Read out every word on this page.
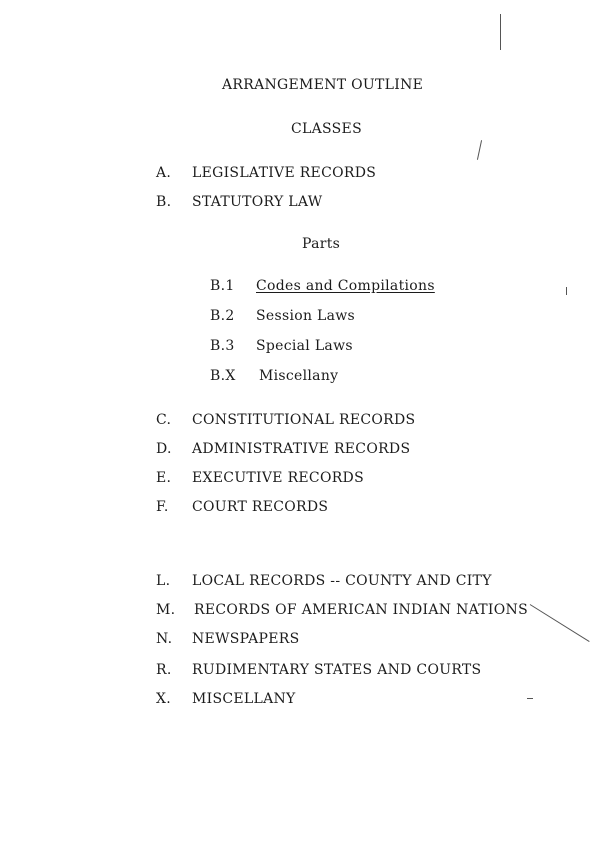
ARRANGEMENT OUTLINE
CLASSES
A. LEGISLATIVE RECORDS
B. STATUTORY LAW
Parts
B.1 Codes and Compilations
B.2 Session Laws
B.3 Special Laws
B.X Miscellany
C. CONSTITUTIONAL RECORDS
D. ADMINISTRATIVE RECORDS
E. EXECUTIVE RECORDS
F. COURT RECORDS
L. LOCAL RECORDS -- COUNTY AND CITY
M. RECORDS OF AMERICAN INDIAN NATIONS
N. NEWSPAPERS
R. RUDIMENTARY STATES AND COURTS
X. MISCELLANY
